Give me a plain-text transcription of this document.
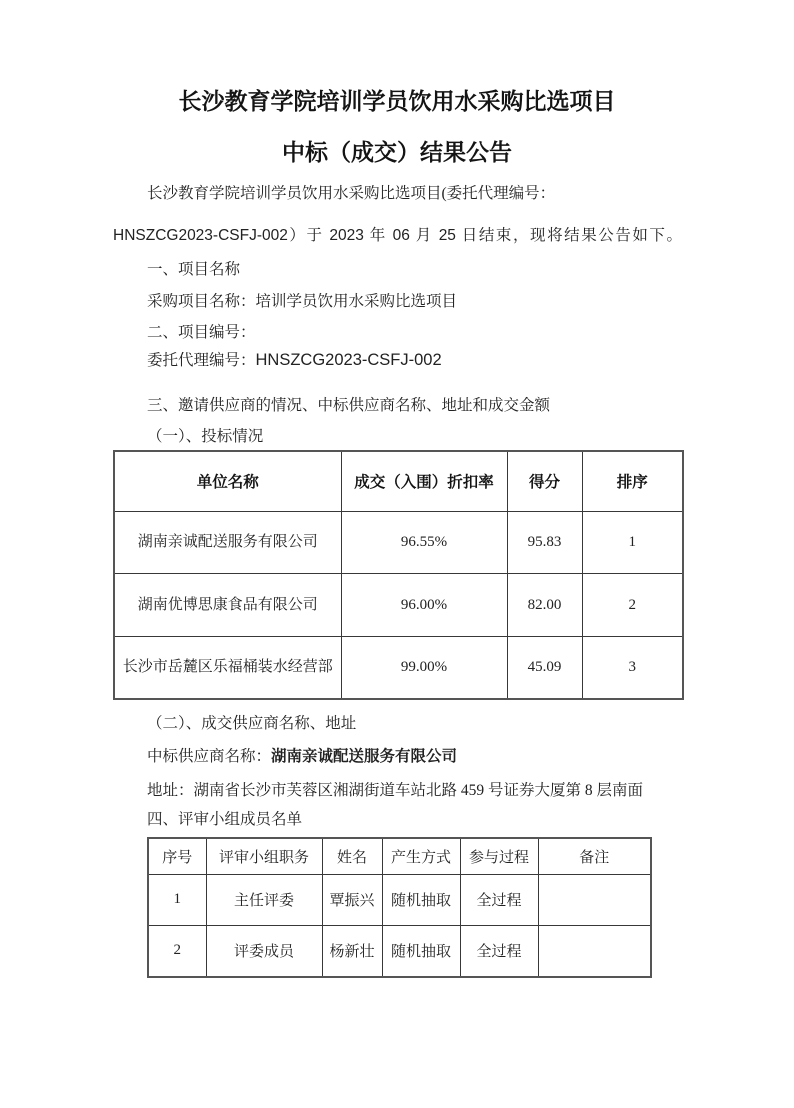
长沙教育学院培训学员饮用水采购比选项目
中标（成交）结果公告
长沙教育学院培训学员饮用水采购比选项目(委托代理编号：
HNSZCG2023-CSFJ-002）于 2023 年 06 月 25 日结束，现将结果公告如下。
一、项目名称
采购项目名称：培训学员饮用水采购比选项目
二、项目编号：
委托代理编号：HNSZCG2023-CSFJ-002
三、邀请供应商的情况、中标供应商名称、地址和成交金额
（一）、投标情况
单位名称	成交（入围）折扣率	得分	排序
湖南亲诚配送服务有限公司	96.55%	95.83	1
湖南优博思康食品有限公司	96.00%	82.00	2
长沙市岳麓区乐福桶装水经营部	99.00%	45.09	3
（二）、成交供应商名称、地址
中标供应商名称：湖南亲诚配送服务有限公司
地址：湖南省长沙市芙蓉区湘湖街道车站北路 459 号证券大厦第 8 层南面
四、评审小组成员名单
序号	评审小组职务	姓名	产生方式	参与过程	备注
1	主任评委	覃振兴	随机抽取	全过程	
2	评委成员	杨新壮	随机抽取	全过程	
